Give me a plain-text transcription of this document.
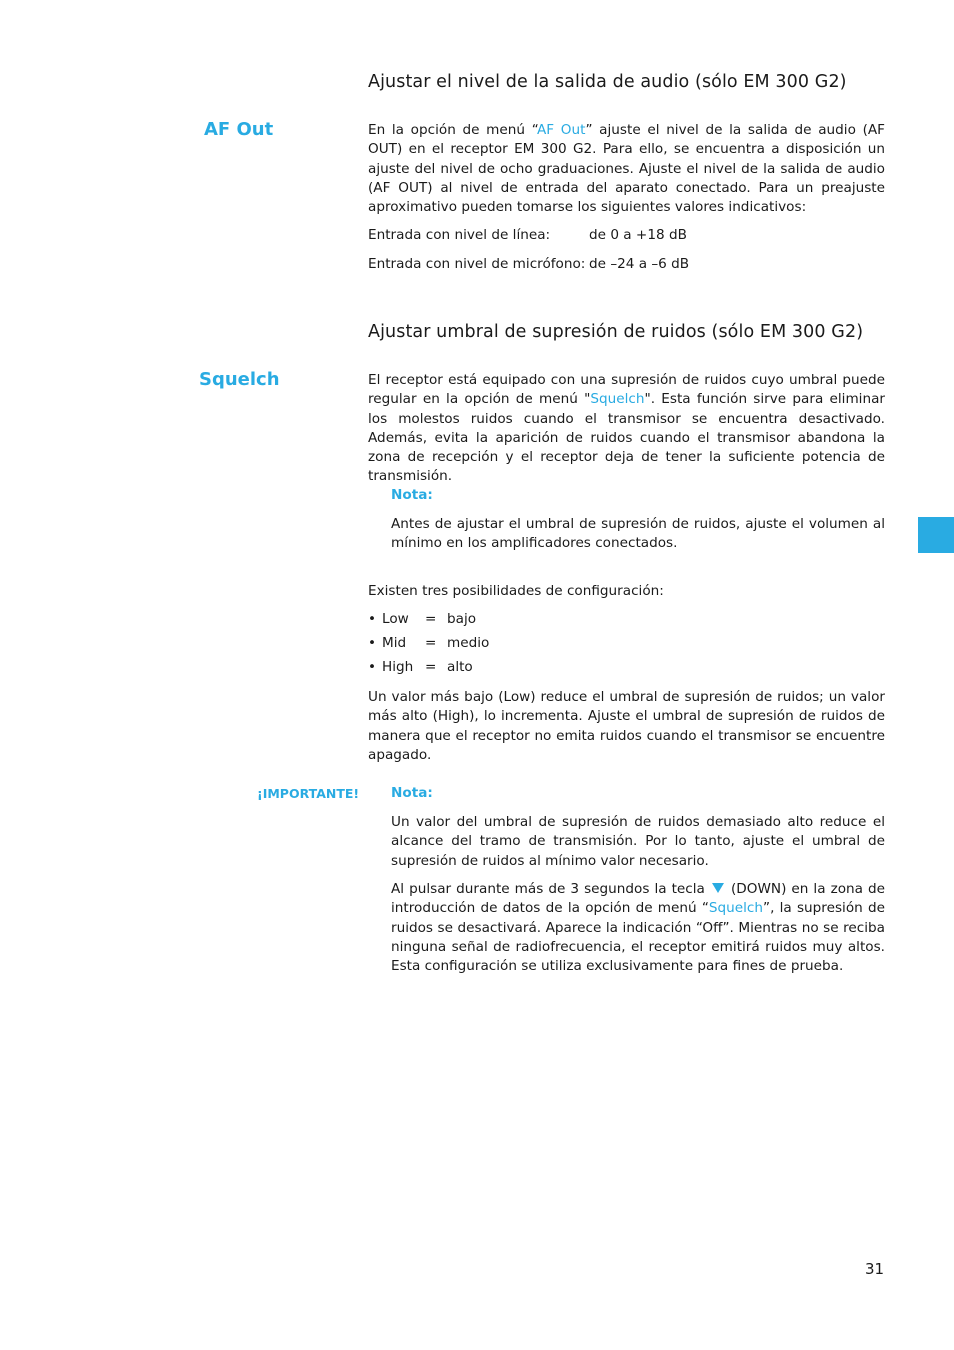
Ajustar el nivel de la salida de audio (sólo EM 300 G2)
AF Out	En la opción de menú “AF Out” ajuste el nivel de la salida de audio (AF OUT) en el receptor EM 300 G2. Para ello, se encuentra a disposición un ajuste del nivel de ocho graduaciones. Ajuste el nivel de la salida de audio (AF OUT) al nivel de entrada del aparato conectado. Para un preajuste aproximativo pueden tomarse los siguientes valores indicativos:

Entrada con nivel de línea:	de 0 a +18 dB
Entrada con nivel de micrófono: de –24 a –6 dB
Ajustar umbral de supresión de ruidos (sólo EM 300 G2)
Squelch	El receptor está equipado con una supresión de ruidos cuyo umbral puede regular en la opción de menú "Squelch". Esta función sirve para eliminar los molestos ruidos cuando el transmisor se encuentra desactivado. Además, evita la aparición de ruidos cuando el transmisor abandona la zona de recepción y el receptor deja de tener la suficiente potencia de transmisión.

Nota:

Antes de ajustar el umbral de supresión de ruidos, ajuste el volumen al mínimo en los amplificadores conectados.

Existen tres posibilidades de configuración:
• Low	= bajo
• Mid	= medio
• High = alto

Un valor más bajo (Low) reduce el umbral de supresión de ruidos; un valor más alto (High), lo incrementa. Ajuste el umbral de supresión de ruidos de manera que el receptor no emita ruidos cuando el transmisor se encuentre apagado.

¡IMPORTANTE! Nota:

Un valor del umbral de supresión de ruidos demasiado alto reduce el alcance del tramo de transmisión. Por lo tanto, ajuste el umbral de supresión de ruidos al mínimo valor necesario.

Al pulsar durante más de 3 segundos la tecla (DOWN) en la zona de introducción de datos de la opción de menú “Squelch”, la supresión de ruidos se desactivará. Aparece la indicación “Off”. Mientras no se reciba ninguna señal de radiofrecuencia, el receptor emitirá ruidos muy altos. Esta configuración se utiliza exclusivamente para fines de prueba.

31
